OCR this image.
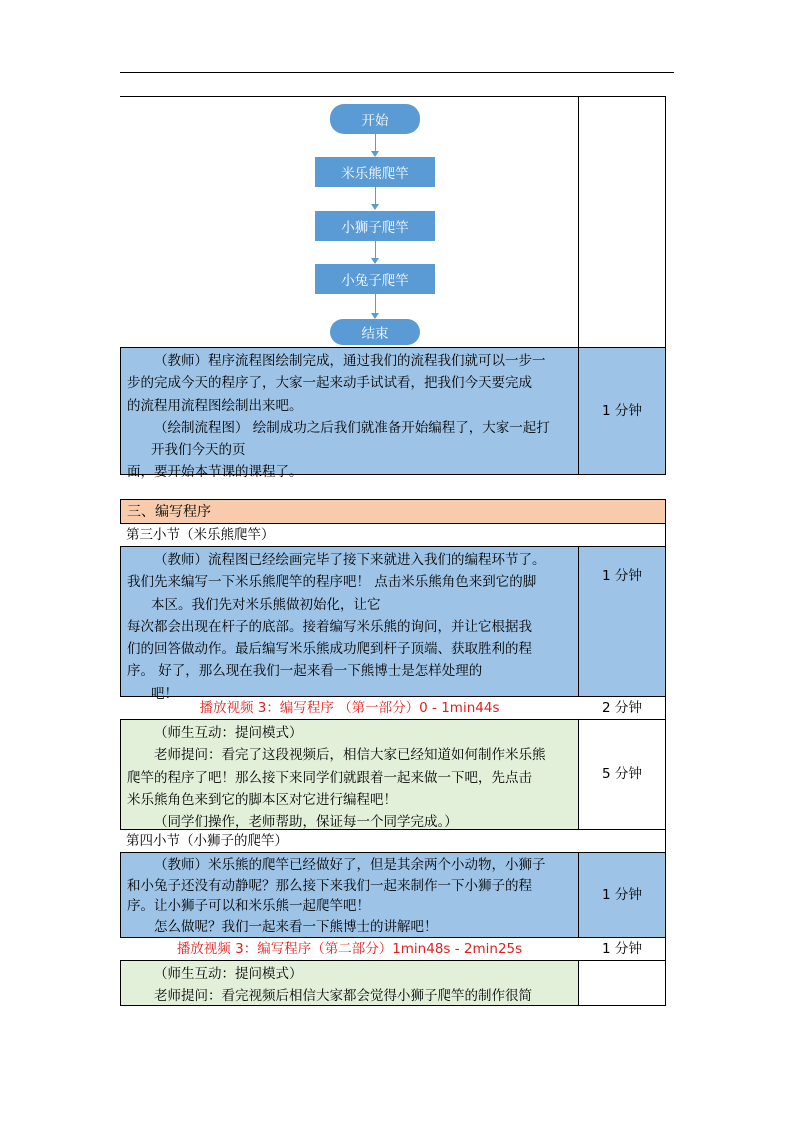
开始
米乐熊爬竿
小狮子爬竿
小兔子爬竿
结束

（教师）程序流程图绘制完成，通过我们的流程我们就可以一步一

步的完成今天的程序了，大家一起来动手试试看，把我们今天要完成

的流程用流程图绘制出来吧。

（绘制流程图） 绘制成功之后我们就准备开始编程了，大家一起打

开我们今天的页

面，要开始本节课的课程了。

1 分钟
三、编写程序
第三小节（米乐熊爬竿）

（教师）流程图已经绘画完毕了接下来就进入我们的编程环节了。

我们先来编写一下米乐熊爬竿的程序吧！ 点击米乐熊角色来到它的脚

本区。我们先对米乐熊做初始化，让它

每次都会出现在杆子的底部。接着编写米乐熊的询问，并让它根据我

们的回答做动作。最后编写米乐熊成功爬到杆子顶端、获取胜利的程

序。 好了，那么现在我们一起来看一下熊博士是怎样处理的

吧！

1 分钟
播放视频 3：编写程序 （第一部分）0 - 1min44s	2 分钟

（师生互动：提问模式）

老师提问：看完了这段视频后，相信大家已经知道如何制作米乐熊

爬竿的程序了吧！那么接下来同学们就跟着一起来做一下吧，先点击

米乐熊角色来到它的脚本区对它进行编程吧！

（同学们操作，老师帮助，保证每一个同学完成。）

5 分钟
第四小节（小狮子的爬竿）

（教师）米乐熊的爬竿已经做好了，但是其余两个小动物，小狮子

和小兔子还没有动静呢？那么接下来我们一起来制作一下小狮子的程

序。让小狮子可以和米乐熊一起爬竿吧！

怎么做呢？我们一起来看一下熊博士的讲解吧！

1 分钟
播放视频 3：编写程序（第二部分）1min48s - 2min25s	1 分钟

（师生互动：提问模式）

老师提问：看完视频后相信大家都会觉得小狮子爬竿的制作很简
